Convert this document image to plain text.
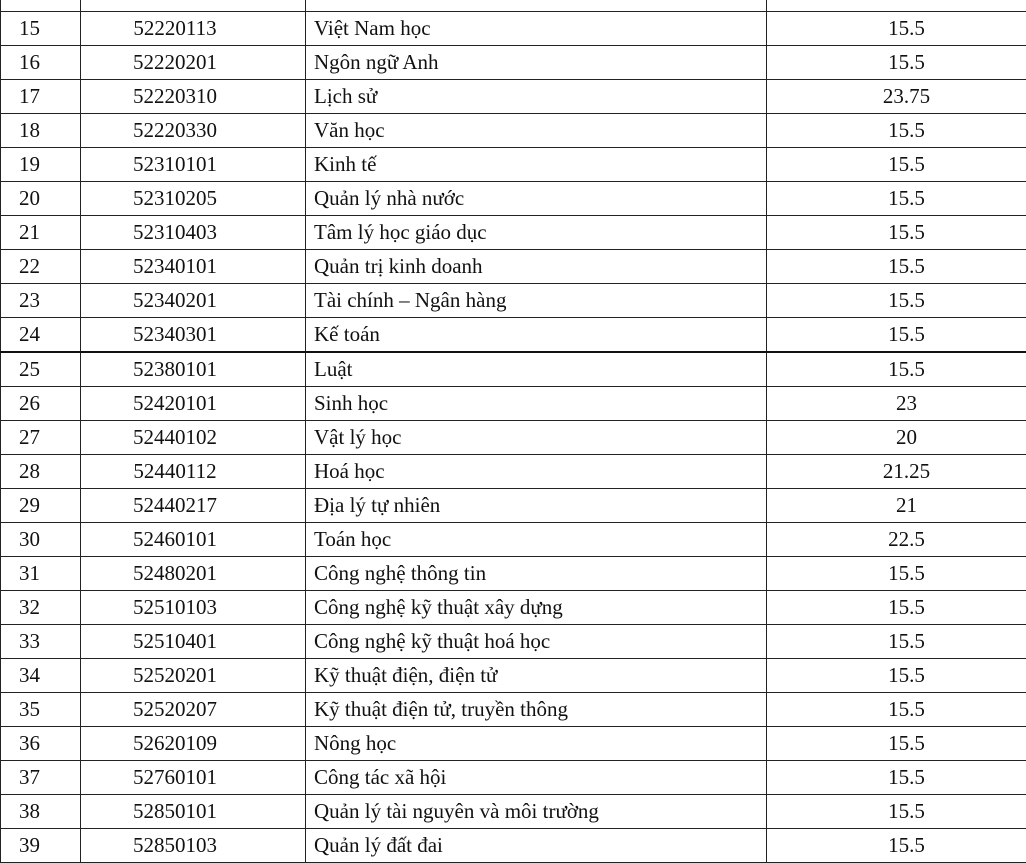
15	52220113	Việt Nam học	15.5
16	52220201	Ngôn ngữ Anh	15.5
17	52220310	Lịch sử	23.75
18	52220330	Văn học	15.5
19	52310101	Kinh tế	15.5
20	52310205	Quản lý nhà nước	15.5
21	52310403	Tâm lý học giáo dục	15.5
22	52340101	Quản trị kinh doanh	15.5
23	52340201	Tài chính – Ngân hàng	15.5
24	52340301	Kế toán	15.5
25	52380101	Luật	15.5
26	52420101	Sinh học	23
27	52440102	Vật lý học	20
28	52440112	Hoá học	21.25
29	52440217	Địa lý tự nhiên	21
30	52460101	Toán học	22.5
31	52480201	Công nghệ thông tin	15.5
32	52510103	Công nghệ kỹ thuật xây dựng	15.5
33	52510401	Công nghệ kỹ thuật hoá học	15.5
34	52520201	Kỹ thuật điện, điện tử	15.5
35	52520207	Kỹ thuật điện tử, truyền thông	15.5
36	52620109	Nông học	15.5
37	52760101	Công tác xã hội	15.5
38	52850101	Quản lý tài nguyên và môi trường	15.5
39	52850103	Quản lý đất đai	15.5
